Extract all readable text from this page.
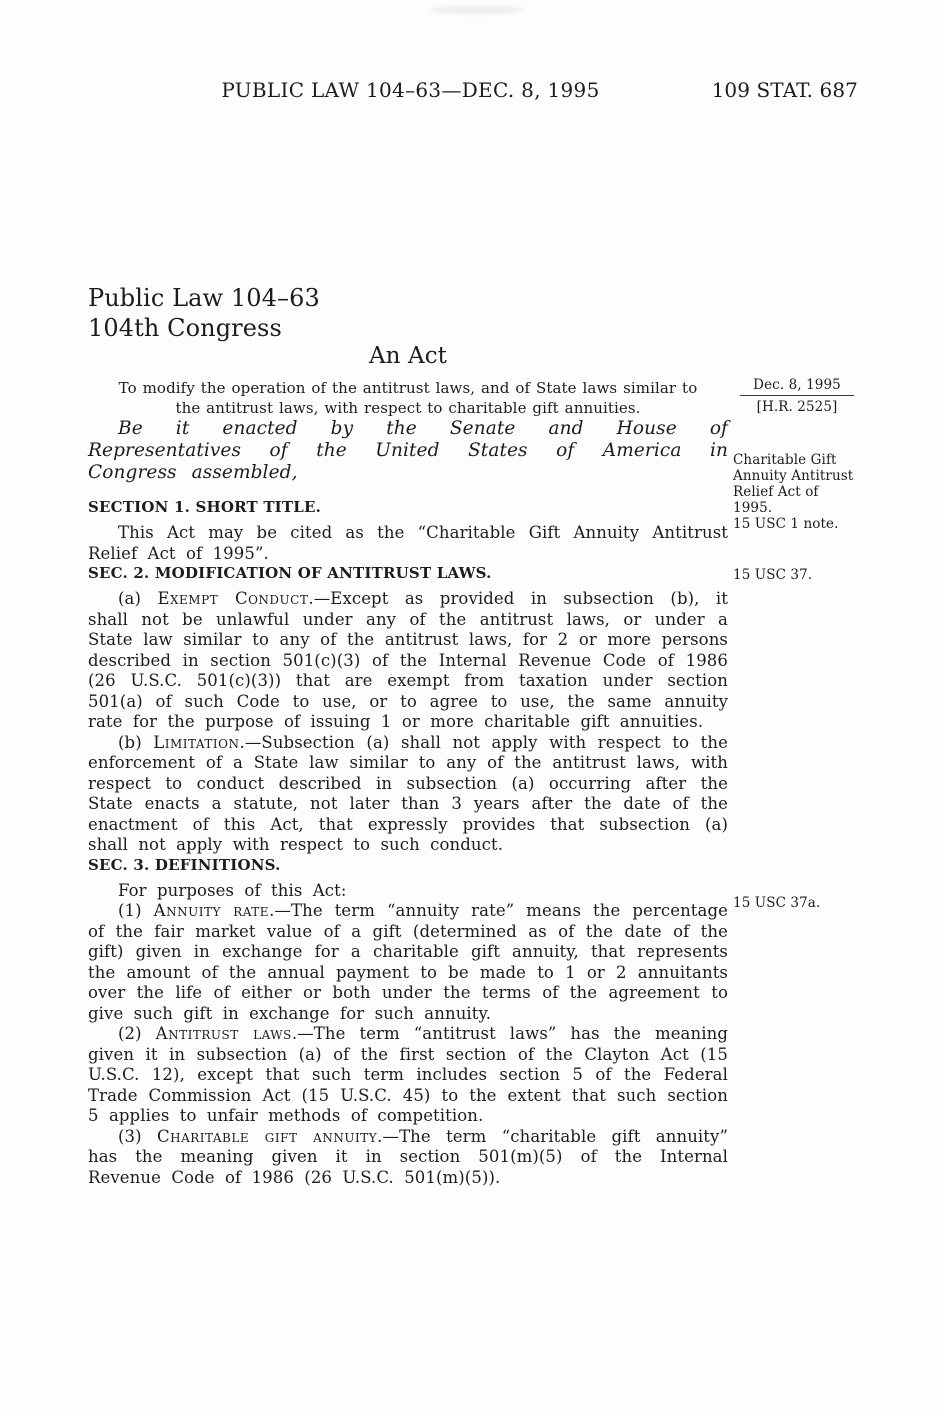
PUBLIC LAW 104–63—DEC. 8, 1995	109 STAT. 687
Public Law 104–63
104th Congress
An Act
To modify the operation of the antitrust laws, and of State laws similar to the antitrust laws, with respect to charitable gift annuities.

Be it enacted by the Senate and House of Representatives of the United States of America in Congress assembled,

SECTION 1. SHORT TITLE.

This Act may be cited as the “Charitable Gift Annuity Antitrust Relief Act of 1995”.

SEC. 2. MODIFICATION OF ANTITRUST LAWS.

(a) Exempt Conduct.—Except as provided in subsection (b), it shall not be unlawful under any of the antitrust laws, or under a State law similar to any of the antitrust laws, for 2 or more persons described in section 501(c)(3) of the Internal Revenue Code of 1986 (26 U.S.C. 501(c)(3)) that are exempt from taxation under section 501(a) of such Code to use, or to agree to use, the same annuity rate for the purpose of issuing 1 or more charitable gift annuities.

(b) Limitation.—Subsection (a) shall not apply with respect to the enforcement of a State law similar to any of the antitrust laws, with respect to conduct described in subsection (a) occurring after the State enacts a statute, not later than 3 years after the date of the enactment of this Act, that expressly provides that subsection (a) shall not apply with respect to such conduct.

SEC. 3. DEFINITIONS.

For purposes of this Act:

(1) Annuity rate.—The term “annuity rate” means the percentage of the fair market value of a gift (determined as of the date of the gift) given in exchange for a charitable gift annuity, that represents the amount of the annual payment to be made to 1 or 2 annuitants over the life of either or both under the terms of the agreement to give such gift in exchange for such annuity.

(2) Antitrust laws.—The term “antitrust laws” has the meaning given it in subsection (a) of the first section of the Clayton Act (15 U.S.C. 12), except that such term includes section 5 of the Federal Trade Commission Act (15 U.S.C. 45) to the extent that such section 5 applies to unfair methods of competition.

(3) Charitable gift annuity.—The term “charitable gift annuity” has the meaning given it in section 501(m)(5) of the Internal Revenue Code of 1986 (26 U.S.C. 501(m)(5)).

Dec. 8, 1995
[H.R. 2525]
Charitable Gift Annuity Antitrust Relief Act of 1995.
15 USC 1 note.
15 USC 37.
15 USC 37a.
